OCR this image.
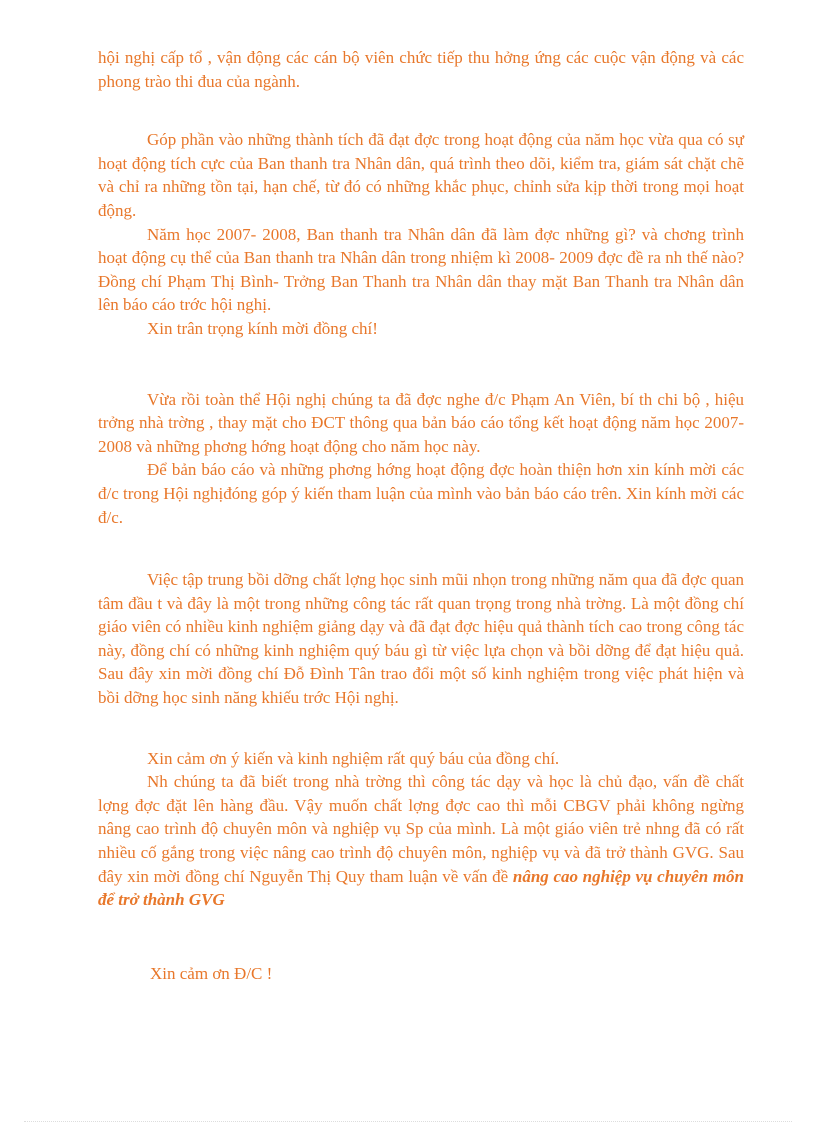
hội nghị cấp tổ , vận động các cán bộ viên chức tiếp thu hởng ứng các cuộc vận động và các phong trào thi đua của ngành.

Góp phần vào những thành tích đã đạt đợc trong hoạt động của năm học vừa qua có sự hoạt động tích cực của Ban thanh tra Nhân dân, quá trình theo dõi, kiểm tra, giám sát chặt chẽ và chỉ ra những tồn tại, hạn chế, từ đó có những khắc phục, chỉnh sửa kịp thời trong mọi hoạt động.

Năm học 2007- 2008, Ban thanh tra Nhân dân đã làm đợc những gì? và chơng trình hoạt động cụ thể của Ban thanh tra Nhân dân trong nhiệm kì 2008- 2009 đợc đề ra nh thế nào? Đồng chí Phạm Thị Bình- Trởng Ban Thanh tra Nhân dân thay mặt Ban Thanh tra Nhân dân lên báo cáo trớc hội nghị.

Xin trân trọng kính mời đồng chí!

Vừa rồi toàn thể Hội nghị chúng ta đã đợc nghe đ/c Phạm An Viên, bí th chi bộ , hiệu trởng nhà trờng , thay mặt cho ĐCT thông qua bản báo cáo tổng kết hoạt động năm học 2007-2008 và những phơng hớng hoạt động cho năm học này.

Để bản báo cáo và những phơng hớng hoạt động đợc hoàn thiện hơn xin kính mời các đ/c trong Hội nghịđóng góp ý kiến tham luận của mình vào bản báo cáo trên. Xin kính mời các đ/c.

Việc tập trung bồi dỡng chất lợng học sinh mũi nhọn trong những năm qua đã đợc quan tâm đầu t và đây là một trong những công tác rất quan trọng trong nhà trờng. Là một đồng chí giáo viên có nhiều kinh nghiệm giảng dạy và đã đạt đợc hiệu quả thành tích cao trong công tác này, đồng chí có những kinh nghiệm quý báu gì từ việc lựa chọn và bồi dỡng để đạt hiệu quả. Sau đây xin mời đồng chí Đỗ Đình Tân trao đổi một số kinh nghiệm trong việc phát hiện và bồi dỡng học sinh năng khiếu trớc Hội nghị.

Xin cảm ơn ý kiến và kinh nghiệm rất quý báu của đồng chí.

Nh chúng ta đã biết trong nhà trờng thì công tác dạy và học là chủ đạo, vấn đề chất lợng đợc đặt lên hàng đầu. Vậy muốn chất lợng đợc cao thì mỗi CBGV phải không ngừng nâng cao trình độ chuyên môn và nghiệp vụ Sp của mình. Là một giáo viên trẻ nhng đã có rất nhiều cố gắng trong việc nâng cao trình độ chuyên môn, nghiệp vụ và đã trở thành GVG. Sau đây xin mời đồng chí Nguyễn Thị Quy tham luận về vấn đề nâng cao nghiệp vụ chuyên môn để trở thành GVG

Xin cảm ơn Đ/C !
